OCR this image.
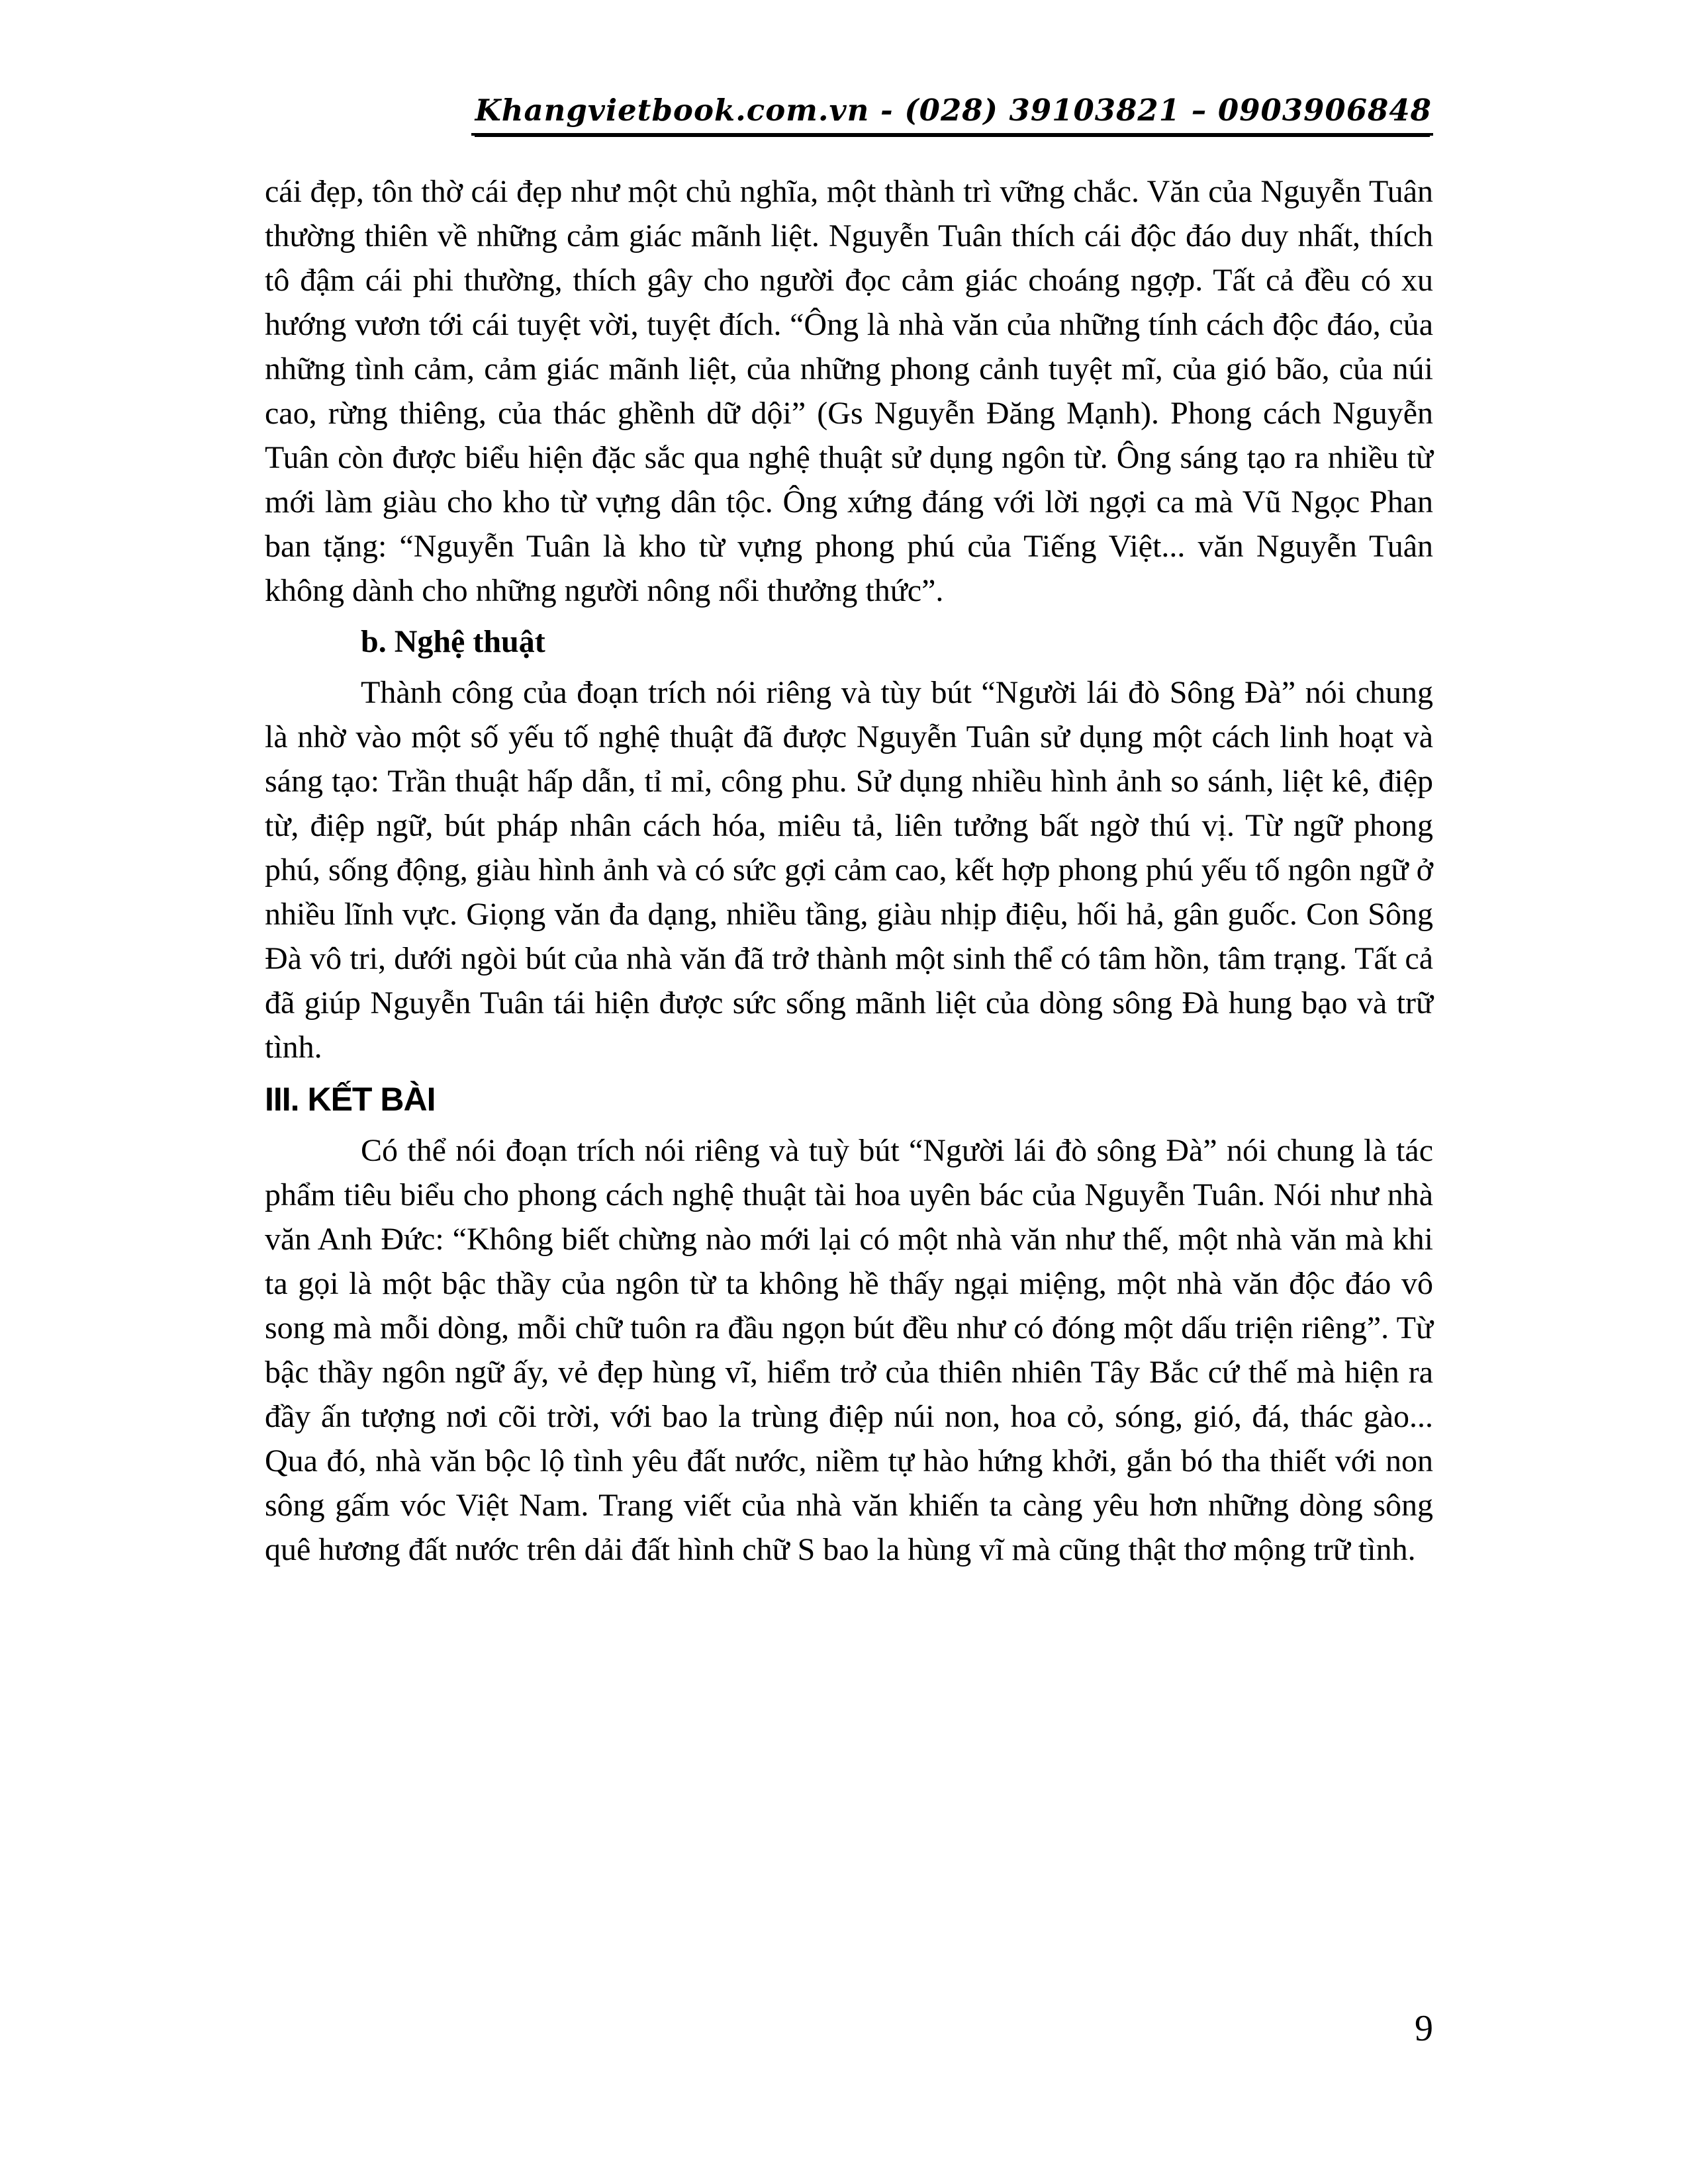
Khangvietbook.com.vn - (028) 39103821 – 0903906848

cái đẹp, tôn thờ cái đẹp như một chủ nghĩa, một thành trì vững chắc. Văn của Nguyễn Tuân thường thiên về những cảm giác mãnh liệt. Nguyễn Tuân thích cái độc đáo duy nhất, thích tô đậm cái phi thường, thích gây cho người đọc cảm giác choáng ngợp. Tất cả đều có xu hướng vươn tới cái tuyệt vời, tuyệt đích. “Ông là nhà văn của những tính cách độc đáo, của những tình cảm, cảm giác mãnh liệt, của những phong cảnh tuyệt mĩ, của gió bão, của núi cao, rừng thiêng, của thác ghềnh dữ dội” (Gs Nguyễn Đăng Mạnh). Phong cách Nguyễn Tuân còn được biểu hiện đặc sắc qua nghệ thuật sử dụng ngôn từ. Ông sáng tạo ra nhiều từ mới làm giàu cho kho từ vựng dân tộc. Ông xứng đáng với lời ngợi ca mà Vũ Ngọc Phan ban tặng: “Nguyễn Tuân là kho từ vựng phong phú của Tiếng Việt... văn Nguyễn Tuân không dành cho những người nông nổi thưởng thức”.

b. Nghệ thuật

Thành công của đoạn trích nói riêng và tùy bút “Người lái đò Sông Đà” nói chung là nhờ vào một số yếu tố nghệ thuật đã được Nguyễn Tuân sử dụng một cách linh hoạt và sáng tạo: Trần thuật hấp dẫn, tỉ mỉ, công phu. Sử dụng nhiều hình ảnh so sánh, liệt kê, điệp từ, điệp ngữ, bút pháp nhân cách hóa, miêu tả, liên tưởng bất ngờ thú vị. Từ ngữ phong phú, sống động, giàu hình ảnh và có sức gợi cảm cao, kết hợp phong phú yếu tố ngôn ngữ ở nhiều lĩnh vực. Giọng văn đa dạng, nhiều tầng, giàu nhịp điệu, hối hả, gân guốc. Con Sông Đà vô tri, dưới ngòi bút của nhà văn đã trở thành một sinh thể có tâm hồn, tâm trạng. Tất cả đã giúp Nguyễn Tuân tái hiện được sức sống mãnh liệt của dòng sông Đà hung bạo và trữ tình.

III. KẾT BÀI

Có thể nói đoạn trích nói riêng và tuỳ bút “Người lái đò sông Đà” nói chung là tác phẩm tiêu biểu cho phong cách nghệ thuật tài hoa uyên bác của Nguyễn Tuân. Nói như nhà văn Anh Đức: “Không biết chừng nào mới lại có một nhà văn như thế, một nhà văn mà khi ta gọi là một bậc thầy của ngôn từ ta không hề thấy ngại miệng, một nhà văn độc đáo vô song mà mỗi dòng, mỗi chữ tuôn ra đầu ngọn bút đều như có đóng một dấu triện riêng”. Từ bậc thầy ngôn ngữ ấy, vẻ đẹp hùng vĩ, hiểm trở của thiên nhiên Tây Bắc cứ thế mà hiện ra đầy ấn tượng nơi cõi trời, với bao la trùng điệp núi non, hoa cỏ, sóng, gió, đá, thác gào... Qua đó, nhà văn bộc lộ tình yêu đất nước, niềm tự hào hứng khởi, gắn bó tha thiết với non sông gấm vóc Việt Nam. Trang viết của nhà văn khiến ta càng yêu hơn những dòng sông quê hương đất nước trên dải đất hình chữ S bao la hùng vĩ mà cũng thật thơ mộng trữ tình.

9
